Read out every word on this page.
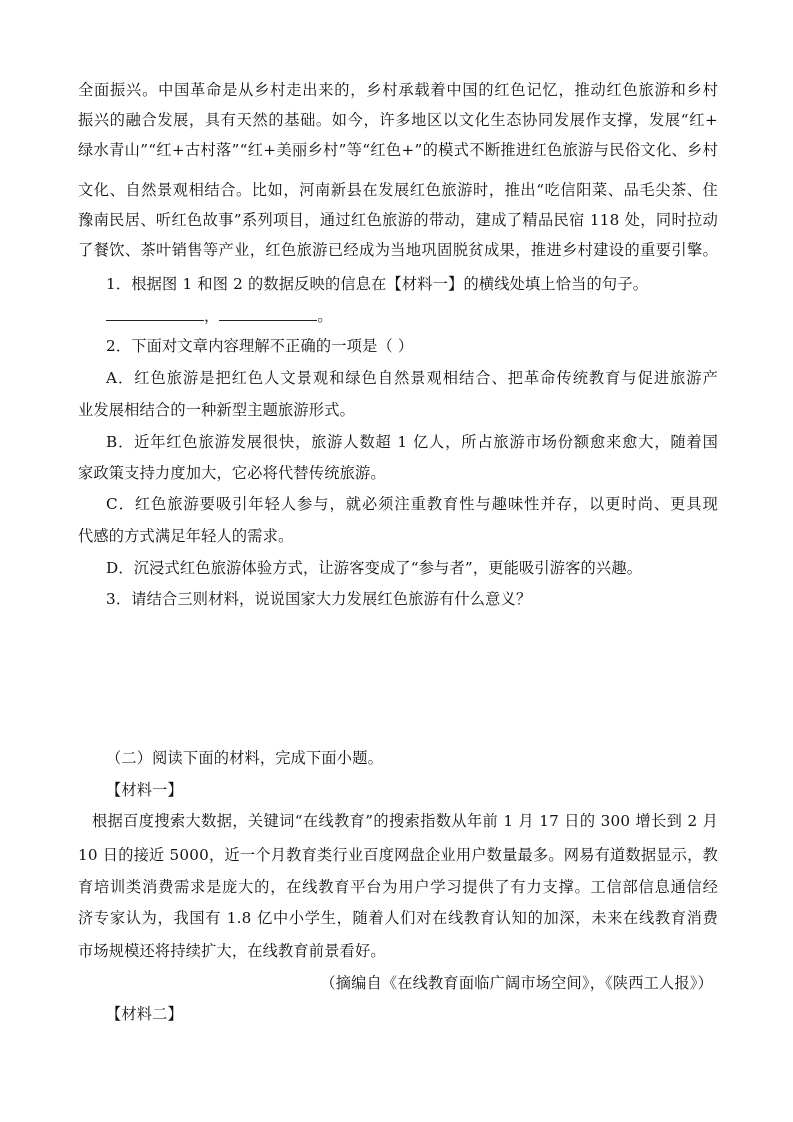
全面振兴。中国革命是从乡村走出来的，乡村承载着中国的红色记忆，推动红色旅游和乡村
振兴的融合发展，具有天然的基础。如今，许多地区以文化生态协同发展作支撑，发展“红+
绿水青山”“红+古村落”“红+美丽乡村”等“红色+”的模式不断推进红色旅游与民俗文化、乡村
文化、自然景观相结合。比如，河南新县在发展红色旅游时，推出“吃信阳菜、品毛尖茶、住
豫南民居、听红色故事”系列项目，通过红色旅游的带动，建成了精品民宿 118 处，同时拉动
了餐饮、茶叶销售等产业，红色旅游已经成为当地巩固脱贫成果，推进乡村建设的重要引擎。
1．根据图 1 和图 2 的数据反映的信息在【材料一】的横线处填上恰当的句子。
，	。
2．下面对文章内容理解不正确的一项是（ ）
A．红色旅游是把红色人文景观和绿色自然景观相结合、把革命传统教育与促进旅游产
业发展相结合的一种新型主题旅游形式。
B．近年红色旅游发展很快，旅游人数超 1 亿人，所占旅游市场份额愈来愈大，随着国
家政策支持力度加大，它必将代替传统旅游。
C．红色旅游要吸引年轻人参与，就必须注重教育性与趣味性并存，以更时尚、更具现
代感的方式满足年轻人的需求。
D．沉浸式红色旅游体验方式，让游客变成了“参与者”，更能吸引游客的兴趣。
3．请结合三则材料，说说国家大力发展红色旅游有什么意义？
（二）阅读下面的材料，完成下面小题。
【材料一】
根据百度搜索大数据，关键词“在线教育”的搜索指数从年前 1 月 17 日的 300 增长到 2 月
10 日的接近 5000，近一个月教育类行业百度网盘企业用户数量最多。网易有道数据显示，教
育培训类消费需求是庞大的，在线教育平台为用户学习提供了有力支撑。工信部信息通信经
济专家认为，我国有 1.8 亿中小学生，随着人们对在线教育认知的加深，未来在线教育消费
市场规模还将持续扩大，在线教育前景看好。
（摘编自《在线教育面临广阔市场空间》，《陕西工人报》）
【材料二】
